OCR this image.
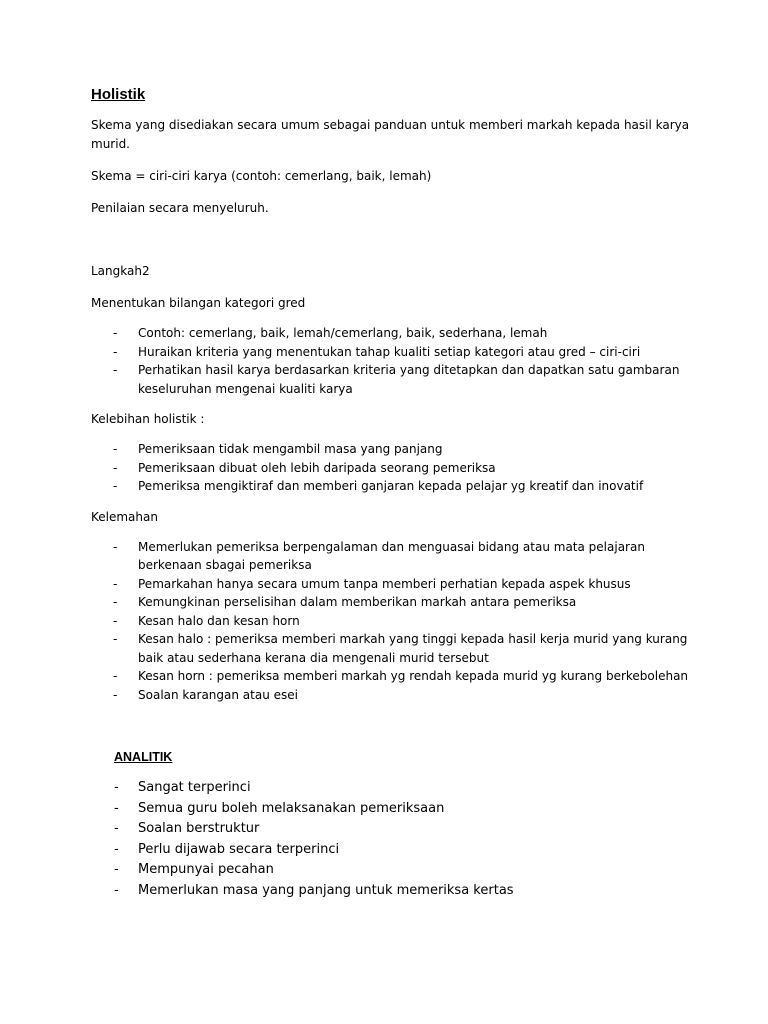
Holistik

Skema yang disediakan secara umum sebagai panduan untuk memberi markah kepada hasil karya murid.

Skema = ciri-ciri karya (contoh: cemerlang, baik, lemah)

Penilaian secara menyeluruh.

Langkah2

Menentukan bilangan kategori gred

- Contoh: cemerlang, baik, lemah/cemerlang, baik, sederhana, lemah
- Huraikan kriteria yang menentukan tahap kualiti setiap kategori atau gred – ciri-ciri
- Perhatikan hasil karya berdasarkan kriteria yang ditetapkan dan dapatkan satu gambaran keseluruhan mengenai kualiti karya

Kelebihan holistik :

- Pemeriksaan tidak mengambil masa yang panjang
- Pemeriksaan dibuat oleh lebih daripada seorang pemeriksa
- Pemeriksa mengiktiraf dan memberi ganjaran kepada pelajar yg kreatif dan inovatif

Kelemahan

- Memerlukan pemeriksa berpengalaman dan menguasai bidang atau mata pelajaran berkenaan sbagai pemeriksa
- Pemarkahan hanya secara umum tanpa memberi perhatian kepada aspek khusus
- Kemungkinan perselisihan dalam memberikan markah antara pemeriksa
- Kesan halo dan kesan horn
- Kesan halo : pemeriksa memberi markah yang tinggi kepada hasil kerja murid yang kurang baik atau sederhana kerana dia mengenali murid tersebut
- Kesan horn : pemeriksa memberi markah yg rendah kepada murid yg kurang berkebolehan
- Soalan karangan atau esei
ANALITIK
- Sangat terperinci
- Semua guru boleh melaksanakan pemeriksaan
- Soalan berstruktur
- Perlu dijawab secara terperinci
- Mempunyai pecahan
- Memerlukan masa yang panjang untuk memeriksa kertas
